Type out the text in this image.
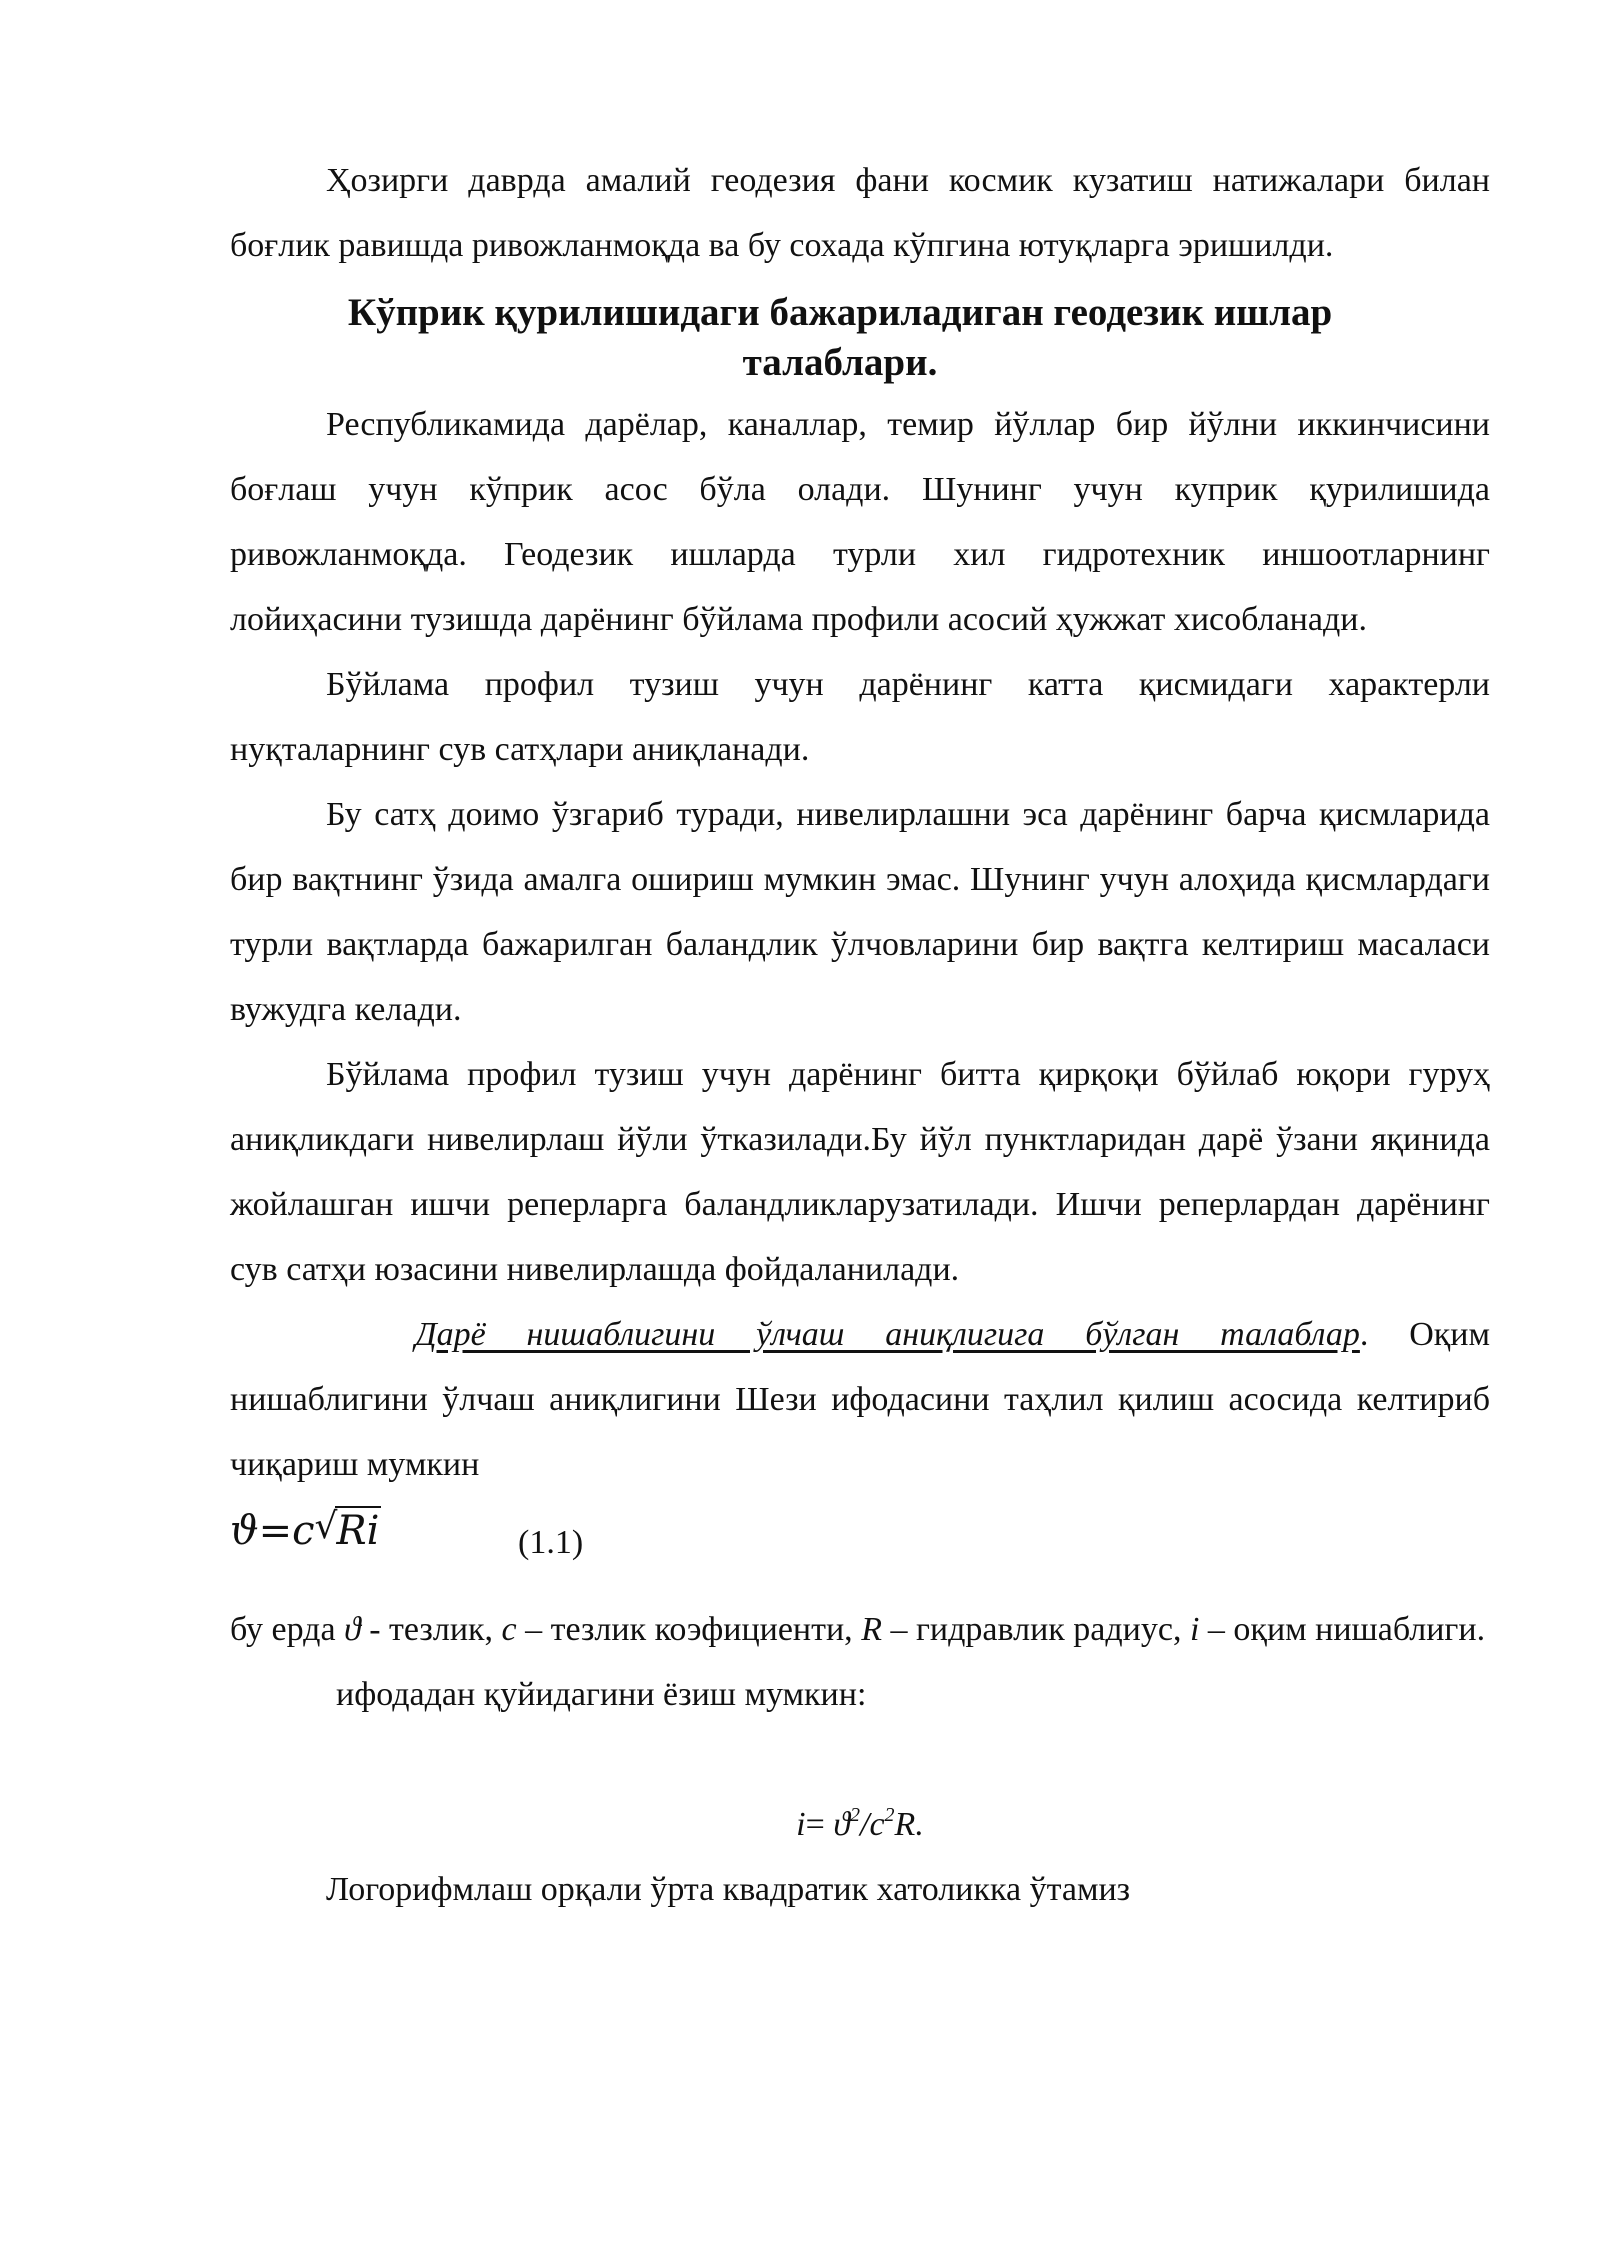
Ҳозирги даврда амалий геодезия фани космик кузатиш натижалари билан боғлик равишда ривожланмоқда ва бу сохада кўпгина ютуқларга эришилди.

Кўприк қурилишидаги бажариладиган геодезик ишлар талаблари.

Республикамида дарёлар, каналлар, темир йўллар бир йўлни иккинчисини боғлаш учун кўприк асос бўла олади. Шунинг учун куприк қурилишида ривожланмоқда. Геодезик ишларда турли хил гидротехник иншоотларнинг лойиҳасини тузишда дарёнинг бўйлама профили асосий ҳужжат хисобланади.

Бўйлама профил тузиш учун дарёнинг катта қисмидаги характерли нуқталарнинг сув сатҳлари аниқланади.

Бу сатҳ доимо ўзгариб туради, нивелирлашни эса дарёнинг барча қисмларида бир вақтнинг ўзида амалга ошириш мумкин эмас. Шунинг учун алоҳида қисмлардаги турли вақтларда бажарилган баландлик ўлчовларини бир вақтга келтириш масаласи вужудга келади.

Бўйлама профил тузиш учун дарёнинг битта қирқоқи бўйлаб юқори гуруҳ аниқликдаги нивелирлаш йўли ўтказилади.Бу йўл пунктларидан дарё ўзани яқинида жойлашган ишчи реперларга баландликларузатилади. Ишчи реперлардан дарёнинг сув сатҳи юзасини нивелирлашда фойдаланилади.

Дарё нишаблигини ўлчаш аниқлигига бўлган талаблар. Оқим нишаблигини ўлчаш аниқлигини Шези ифодасини таҳлил қилиш асосида келтириб чиқариш мумкин

ϑ=c √ Ri	(1.1)

бу ерда ϑ - тезлик, c – тезлик коэфициенти, R – гидравлик радиус, i – оқим нишаблиги.

ифодадан қуйидагини ёзиш мумкин:

$i= ϑ^2/c^2R$.

Логорифмлаш орқали ўрта квадратик хатоликка ўтамиз
